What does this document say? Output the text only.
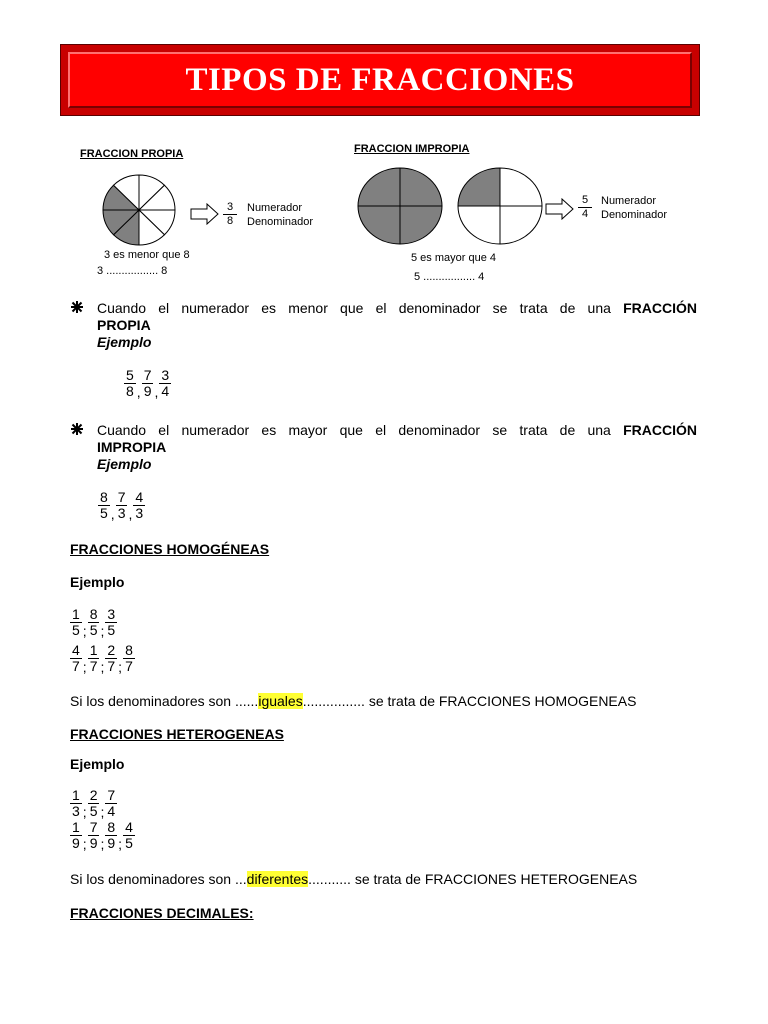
TIPOS DE FRACCIONES
FRACCION PROPIA
$\frac{3}{8}$ Numerador
Denominador
3 es menor que 8
3 ................. 8
FRACCION IMPROPIA
$\frac{5}{4}$ Numerador
Denominador
5 es mayor que 4
5 ................. 4
Cuando el numerador es menor que el denominador se trata de una FRACCIÓN
PROPIA
Ejemplo
$\frac{5}{8}$ , $\frac{7}{9}$ , $\frac{3}{4}$
Cuando el numerador es mayor que el denominador se trata de una FRACCIÓN
IMPROPIA
Ejemplo
$\frac{8}{5}$ , $\frac{7}{3}$ , $\frac{4}{3}$
FRACCIONES HOMOGÉNEAS
Ejemplo
$\frac{1}{5}$ ; $\frac{8}{5}$ ; $\frac{3}{5}$
$\frac{4}{7}$ ; $\frac{1}{7}$ ; $\frac{2}{7}$ ; $\frac{8}{7}$
Si los denominadores son ......iguales................ se trata de FRACCIONES HOMOGENEAS
FRACCIONES HETEROGENEAS
Ejemplo
$\frac{1}{3}$ ; $\frac{2}{5}$ ; $\frac{7}{4}$
$\frac{1}{9}$ ; $\frac{7}{9}$ ; $\frac{8}{9}$ ; $\frac{4}{5}$
Si los denominadores son ...diferentes........... se trata de FRACCIONES HETEROGENEAS
FRACCIONES DECIMALES:
